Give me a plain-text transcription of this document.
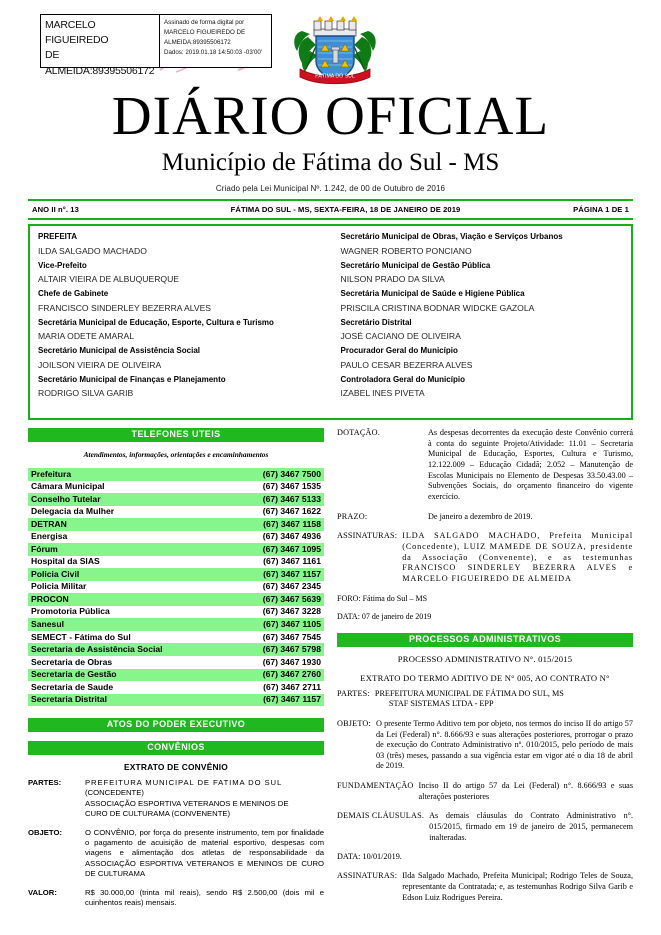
MARCELO FIGUEIREDO
DE
ALMEIDA:89395506172
Assinado de forma digital por
MARCELO FIGUEIREDO DE
ALMEIDA:89395506172
Dados: 2019.01.18 14:50:03 -03'00'
FÁTIMA DO SUL
DIÁRIO OFICIAL
Município de Fátima do Sul - MS
Criado pela Lei Municipal Nº. 1.242, de 00 de Outubro de 2016
ANO II n°. 13	FÁTIMA DO SUL - MS, SEXTA-FEIRA, 18 DE JANEIRO DE 2019	PÁGINA 1 DE 1
PREFEITA
ILDA SALGADO MACHADO
Vice-Prefeito
ALTAIR VIEIRA DE ALBUQUERQUE
Chefe de Gabinete
FRANCISCO SINDERLEY BEZERRA ALVES
Secretária Municipal de Educação, Esporte, Cultura e Turismo
MARIA ODETE AMARAL
Secretário Municipal de Assistência Social
JOILSON VIEIRA DE OLIVEIRA
Secretário Municipal de Finanças e Planejamento
RODRIGO SILVA GARIB
Secretário Municipal de Obras, Viação e Serviços Urbanos
WAGNER ROBERTO PONCIANO
Secretário Municipal de Gestão Pública
NILSON PRADO DA SILVA
Secretária Municipal de Saúde e Higiene Pública
PRISCILA CRISTINA BODNAR WIDCKE GAZOLA
Secretário Distrital
JOSÉ CACIANO DE OLIVEIRA
Procurador Geral do Município
PAULO CESAR BEZERRA ALVES
Controladora Geral do Município
IZABEL INES PIVETA
TELEFONES UTEIS
Atendimentos, informações, orientações e encaminhamentos
Prefeitura	(67) 3467 7500
Câmara Municipal	(67) 3467 1535
Conselho Tutelar	(67) 3467 5133
Delegacia da Mulher	(67) 3467 1622
DETRAN	(67) 3467 1158
Energisa	(67) 3467 4936
Fórum	(67) 3467 1095
Hospital da SIAS	(67) 3467 1161
Policia Civil	(67) 3467 1157
Policia Militar	(67) 3467 2345
PROCON	(67) 3467 5639
Promotoria Pública	(67) 3467 3228
Sanesul	(67) 3467 1105
SEMECT - Fátima do Sul	(67) 3467 7545
Secretaria de Assistência Social	(67) 3467 5798
Secretaria de Obras	(67) 3467 1930
Secretaria de Gestão	(67) 3467 2760
Secretaria de Saude	(67) 3467 2711
Secretaria Distrital	(67) 3467 1157
ATOS DO PODER EXECUTIVO
CONVÊNIOS
EXTRATO DE CONVÊNIO
PARTES:	PREFEITURA MUNICIPAL DE FATIMA DO SUL
(CONCEDENTE)
ASSOCIAÇÃO ESPORTIVA VETERANOS E MENINOS DE
CURO DE CULTURAMA (CONVENENTE)
OBJETO:	O CONVÊNIO, por força do presente instrumento, tem por finalidade o pagamento de acuisição de material esportivo, despesas com viagens e alimentação dos atletas de responsabilidade da ASSOCIAÇÃO ESPORTIVA VETERANOS E MENINOS DE CURO DE CULTURAMA
VALOR:	R$ 30.000,00 (trinta mil reais), sendo R$ 2.500,00 (dois mil e cuinhentos reais) mensais.
DOTAÇÃO.	As despesas decorrentes da execução deste Convênio correrá à conta do seguinte Projeto/Atividade: 11.01 – Secretaria Municipal de Educação, Esportes, Cultura e Turismo, 12.122.009 – Educação Cidadã; 2.052 – Manutenção de Escolas Municipais no Elemento de Despesas 33.50.43.00 – Subvenções Sociais, do orçamento financeiro do vigente exercício.
PRAZO:	De janeiro a dezembro de 2019.
ASSINATURAS: ILDA SALGADO MACHADO, Prefeita Municipal (Concedente), LUIZ MAMEDE DE SOUZA, presidente da Associação (Convenente), e as testemunhas FRANCISCO SINDERLEY BEZERRA ALVES e MARCELO FIGUEIREDO DE ALMEIDA
FORO: Fátima do Sul – MS
DATA: 07 de janeiro de 2019
PROCESSOS ADMINISTRATIVOS
PROCESSO ADMINISTRATIVO N°. 015/2015
EXTRATO DO TERMO ADITIVO DE N° 005, AO CONTRATO N°
PARTES: PREFEITURA MUNICIPAL DE FÁTIMA DO SUL, MS
STAF SISTEMAS LTDA - EPP
OBJETO: O presente Termo Aditivo tem por objeto, nos termos do inciso II do artigo 57 da Lei (Federal) n°. 8.666/93 e suas alterações posteriores, prorrogar o prazo de execução do Contrato Administrativo nº. 010/2015, pelo período de mais 03 (três) meses, passando a sua vigência estar em vigor até o dia 18 de abril de 2019.
FUNDAMENTAÇÃO Inciso II do artigo 57 da Lei (Federal) n°. 8.666/93 e suas alterações posteriores
DEMAIS CLÁUSULAS. As demais cláusulas do Contrato Administrativo n°. 015/2015, firmado em 19 de janeiro de 2015, permanecem inalteradas.
DATA: 10/01/2019.
ASSINATURAS: Ilda Salgado Machado, Prefeita Municipal; Rodrigo Teles de Souza, representante da Contratada; e, as testemunhas Rodrigo Silva Garib e Edson Luiz Rodrigues Pereira.
